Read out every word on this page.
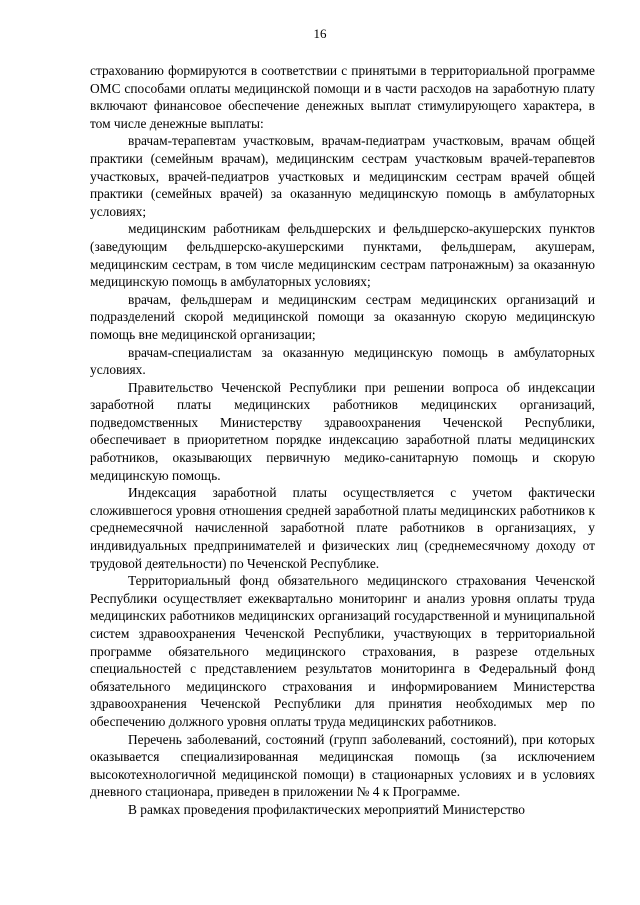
16

страхованию формируются в соответствии с принятыми в территориальной программе ОМС способами оплаты медицинской помощи и в части расходов на заработную плату включают финансовое обеспечение денежных выплат стимулирующего характера, в том числе денежные выплаты:

врачам-терапевтам участковым, врачам-педиатрам участковым, врачам общей практики (семейным врачам), медицинским сестрам участковым врачей-терапевтов участковых, врачей-педиатров участковых и медицинским сестрам врачей общей практики (семейных врачей) за оказанную медицинскую помощь в амбулаторных условиях;

медицинским работникам фельдшерских и фельдшерско-акушерских пунктов (заведующим фельдшерско-акушерскими пунктами, фельдшерам, акушерам, медицинским сестрам, в том числе медицинским сестрам патронажным) за оказанную медицинскую помощь в амбулаторных условиях;

врачам, фельдшерам и медицинским сестрам медицинских организаций и подразделений скорой медицинской помощи за оказанную скорую медицинскую помощь вне медицинской организации;

врачам-специалистам за оказанную медицинскую помощь в амбулаторных условиях.

Правительство Чеченской Республики при решении вопроса об индексации заработной платы медицинских работников медицинских организаций, подведомственных Министерству здравоохранения Чеченской Республики, обеспечивает в приоритетном порядке индексацию заработной платы медицинских работников, оказывающих первичную медико-санитарную помощь и скорую медицинскую помощь.

Индексация заработной платы осуществляется с учетом фактически сложившегося уровня отношения средней заработной платы медицинских работников к среднемесячной начисленной заработной плате работников в организациях, у индивидуальных предпринимателей и физических лиц (среднемесячному доходу от трудовой деятельности) по Чеченской Республике.

Территориальный фонд обязательного медицинского страхования Чеченской Республики осуществляет ежеквартально мониторинг и анализ уровня оплаты труда медицинских работников медицинских организаций государственной и муниципальной систем здравоохранения Чеченской Республики, участвующих в территориальной программе обязательного медицинского страхования, в разрезе отдельных специальностей с представлением результатов мониторинга в Федеральный фонд обязательного медицинского страхования и информированием Министерства здравоохранения Чеченской Республики для принятия необходимых мер по обеспечению должного уровня оплаты труда медицинских работников.

Перечень заболеваний, состояний (групп заболеваний, состояний), при которых оказывается специализированная медицинская помощь (за исключением высокотехнологичной медицинской помощи) в стационарных условиях и в условиях дневного стационара, приведен в приложении № 4 к Программе.

В рамках проведения профилактических мероприятий Министерство
